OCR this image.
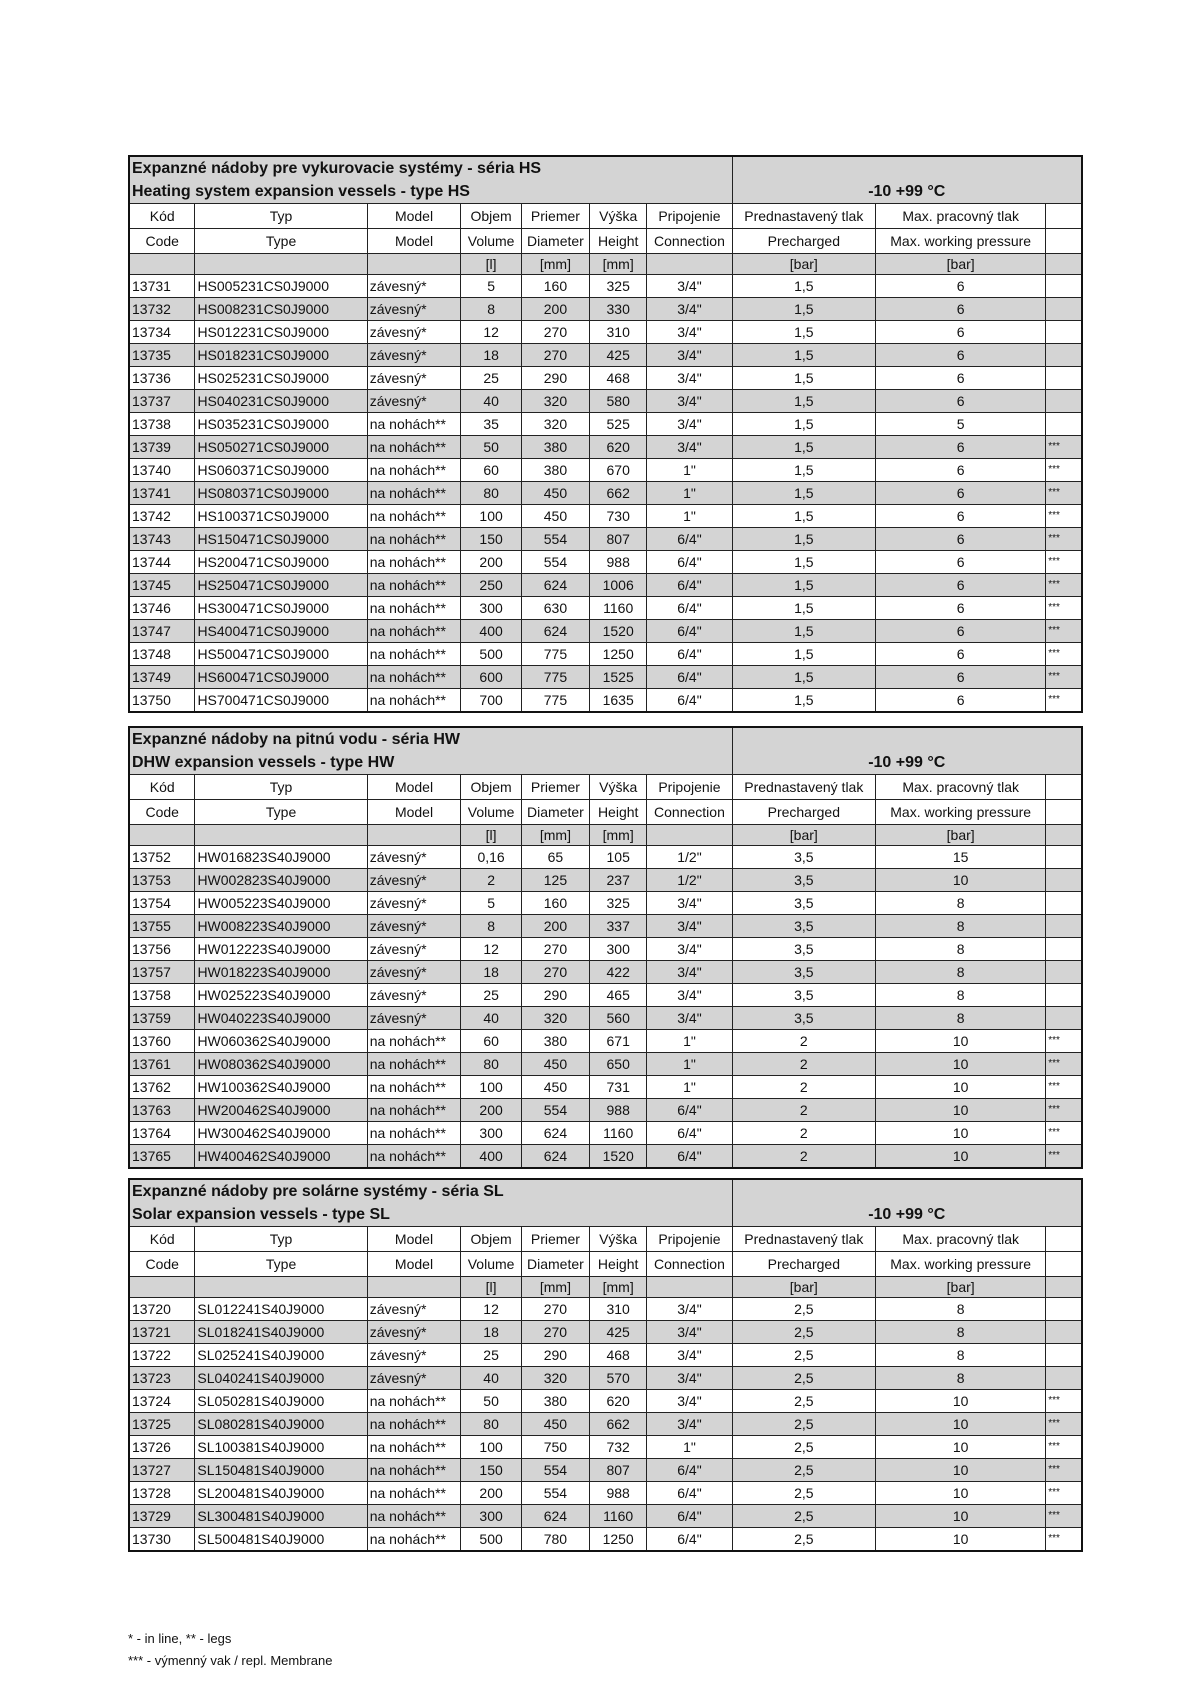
Expanzné nádoby pre vykurovacie systémy - séria HS									
Heating system expansion vessels - type HS							-10 +99 °C		
Kód	Typ	Model	Objem	Priemer	Výška	Pripojenie	Prednastavený tlak	Max. pracovný tlak	
Code	Type	Model	Volume	Diameter	Height	Connection	Precharged	Max. working pressure	
			[l]	[mm]	[mm]		[bar]	[bar]	
13731	HS005231CS0J9000	závesný*	5	160	325	3/4"	1,5	6	
13732	HS008231CS0J9000	závesný*	8	200	330	3/4"	1,5	6	
13734	HS012231CS0J9000	závesný*	12	270	310	3/4"	1,5	6	
13735	HS018231CS0J9000	závesný*	18	270	425	3/4"	1,5	6	
13736	HS025231CS0J9000	závesný*	25	290	468	3/4"	1,5	6	
13737	HS040231CS0J9000	závesný*	40	320	580	3/4"	1,5	6	
13738	HS035231CS0J9000	na nohách**	35	320	525	3/4"	1,5	5	
13739	HS050271CS0J9000	na nohách**	50	380	620	3/4"	1,5	6	***
13740	HS060371CS0J9000	na nohách**	60	380	670	1"	1,5	6	***
13741	HS080371CS0J9000	na nohách**	80	450	662	1"	1,5	6	***
13742	HS100371CS0J9000	na nohách**	100	450	730	1"	1,5	6	***
13743	HS150471CS0J9000	na nohách**	150	554	807	6/4"	1,5	6	***
13744	HS200471CS0J9000	na nohách**	200	554	988	6/4"	1,5	6	***
13745	HS250471CS0J9000	na nohách**	250	624	1006	6/4"	1,5	6	***
13746	HS300471CS0J9000	na nohách**	300	630	1160	6/4"	1,5	6	***
13747	HS400471CS0J9000	na nohách**	400	624	1520	6/4"	1,5	6	***
13748	HS500471CS0J9000	na nohách**	500	775	1250	6/4"	1,5	6	***
13749	HS600471CS0J9000	na nohách**	600	775	1525	6/4"	1,5	6	***
13750	HS700471CS0J9000	na nohách**	700	775	1635	6/4"	1,5	6	***
Expanzné nádoby na pitnú vodu - séria HW									
DHW expansion vessels - type HW							-10 +99 °C		
Kód	Typ	Model	Objem	Priemer	Výška	Pripojenie	Prednastavený tlak	Max. pracovný tlak	
Code	Type	Model	Volume	Diameter	Height	Connection	Precharged	Max. working pressure	
			[l]	[mm]	[mm]		[bar]	[bar]	
13752	HW016823S40J9000	závesný*	0,16	65	105	1/2"	3,5	15	
13753	HW002823S40J9000	závesný*	2	125	237	1/2"	3,5	10	
13754	HW005223S40J9000	závesný*	5	160	325	3/4"	3,5	8	
13755	HW008223S40J9000	závesný*	8	200	337	3/4"	3,5	8	
13756	HW012223S40J9000	závesný*	12	270	300	3/4"	3,5	8	
13757	HW018223S40J9000	závesný*	18	270	422	3/4"	3,5	8	
13758	HW025223S40J9000	závesný*	25	290	465	3/4"	3,5	8	
13759	HW040223S40J9000	závesný*	40	320	560	3/4"	3,5	8	
13760	HW060362S40J9000	na nohách**	60	380	671	1"	2	10	***
13761	HW080362S40J9000	na nohách**	80	450	650	1"	2	10	***
13762	HW100362S40J9000	na nohách**	100	450	731	1"	2	10	***
13763	HW200462S40J9000	na nohách**	200	554	988	6/4"	2	10	***
13764	HW300462S40J9000	na nohách**	300	624	1160	6/4"	2	10	***
13765	HW400462S40J9000	na nohách**	400	624	1520	6/4"	2	10	***
Expanzné nádoby pre solárne systémy - séria SL									
Solar expansion vessels - type SL							-10 +99 °C		
Kód	Typ	Model	Objem	Priemer	Výška	Pripojenie	Prednastavený tlak	Max. pracovný tlak	
Code	Type	Model	Volume	Diameter	Height	Connection	Precharged	Max. working pressure	
			[l]	[mm]	[mm]		[bar]	[bar]	
13720	SL012241S40J9000	závesný*	12	270	310	3/4"	2,5	8	
13721	SL018241S40J9000	závesný*	18	270	425	3/4"	2,5	8	
13722	SL025241S40J9000	závesný*	25	290	468	3/4"	2,5	8	
13723	SL040241S40J9000	závesný*	40	320	570	3/4"	2,5	8	
13724	SL050281S40J9000	na nohách**	50	380	620	3/4"	2,5	10	***
13725	SL080281S40J9000	na nohách**	80	450	662	3/4"	2,5	10	***
13726	SL100381S40J9000	na nohách**	100	750	732	1"	2,5	10	***
13727	SL150481S40J9000	na nohách**	150	554	807	6/4"	2,5	10	***
13728	SL200481S40J9000	na nohách**	200	554	988	6/4"	2,5	10	***
13729	SL300481S40J9000	na nohách**	300	624	1160	6/4"	2,5	10	***
13730	SL500481S40J9000	na nohách**	500	780	1250	6/4"	2,5	10	***
* - in line, ** - legs
*** - výmenný vak / repl. Membrane
